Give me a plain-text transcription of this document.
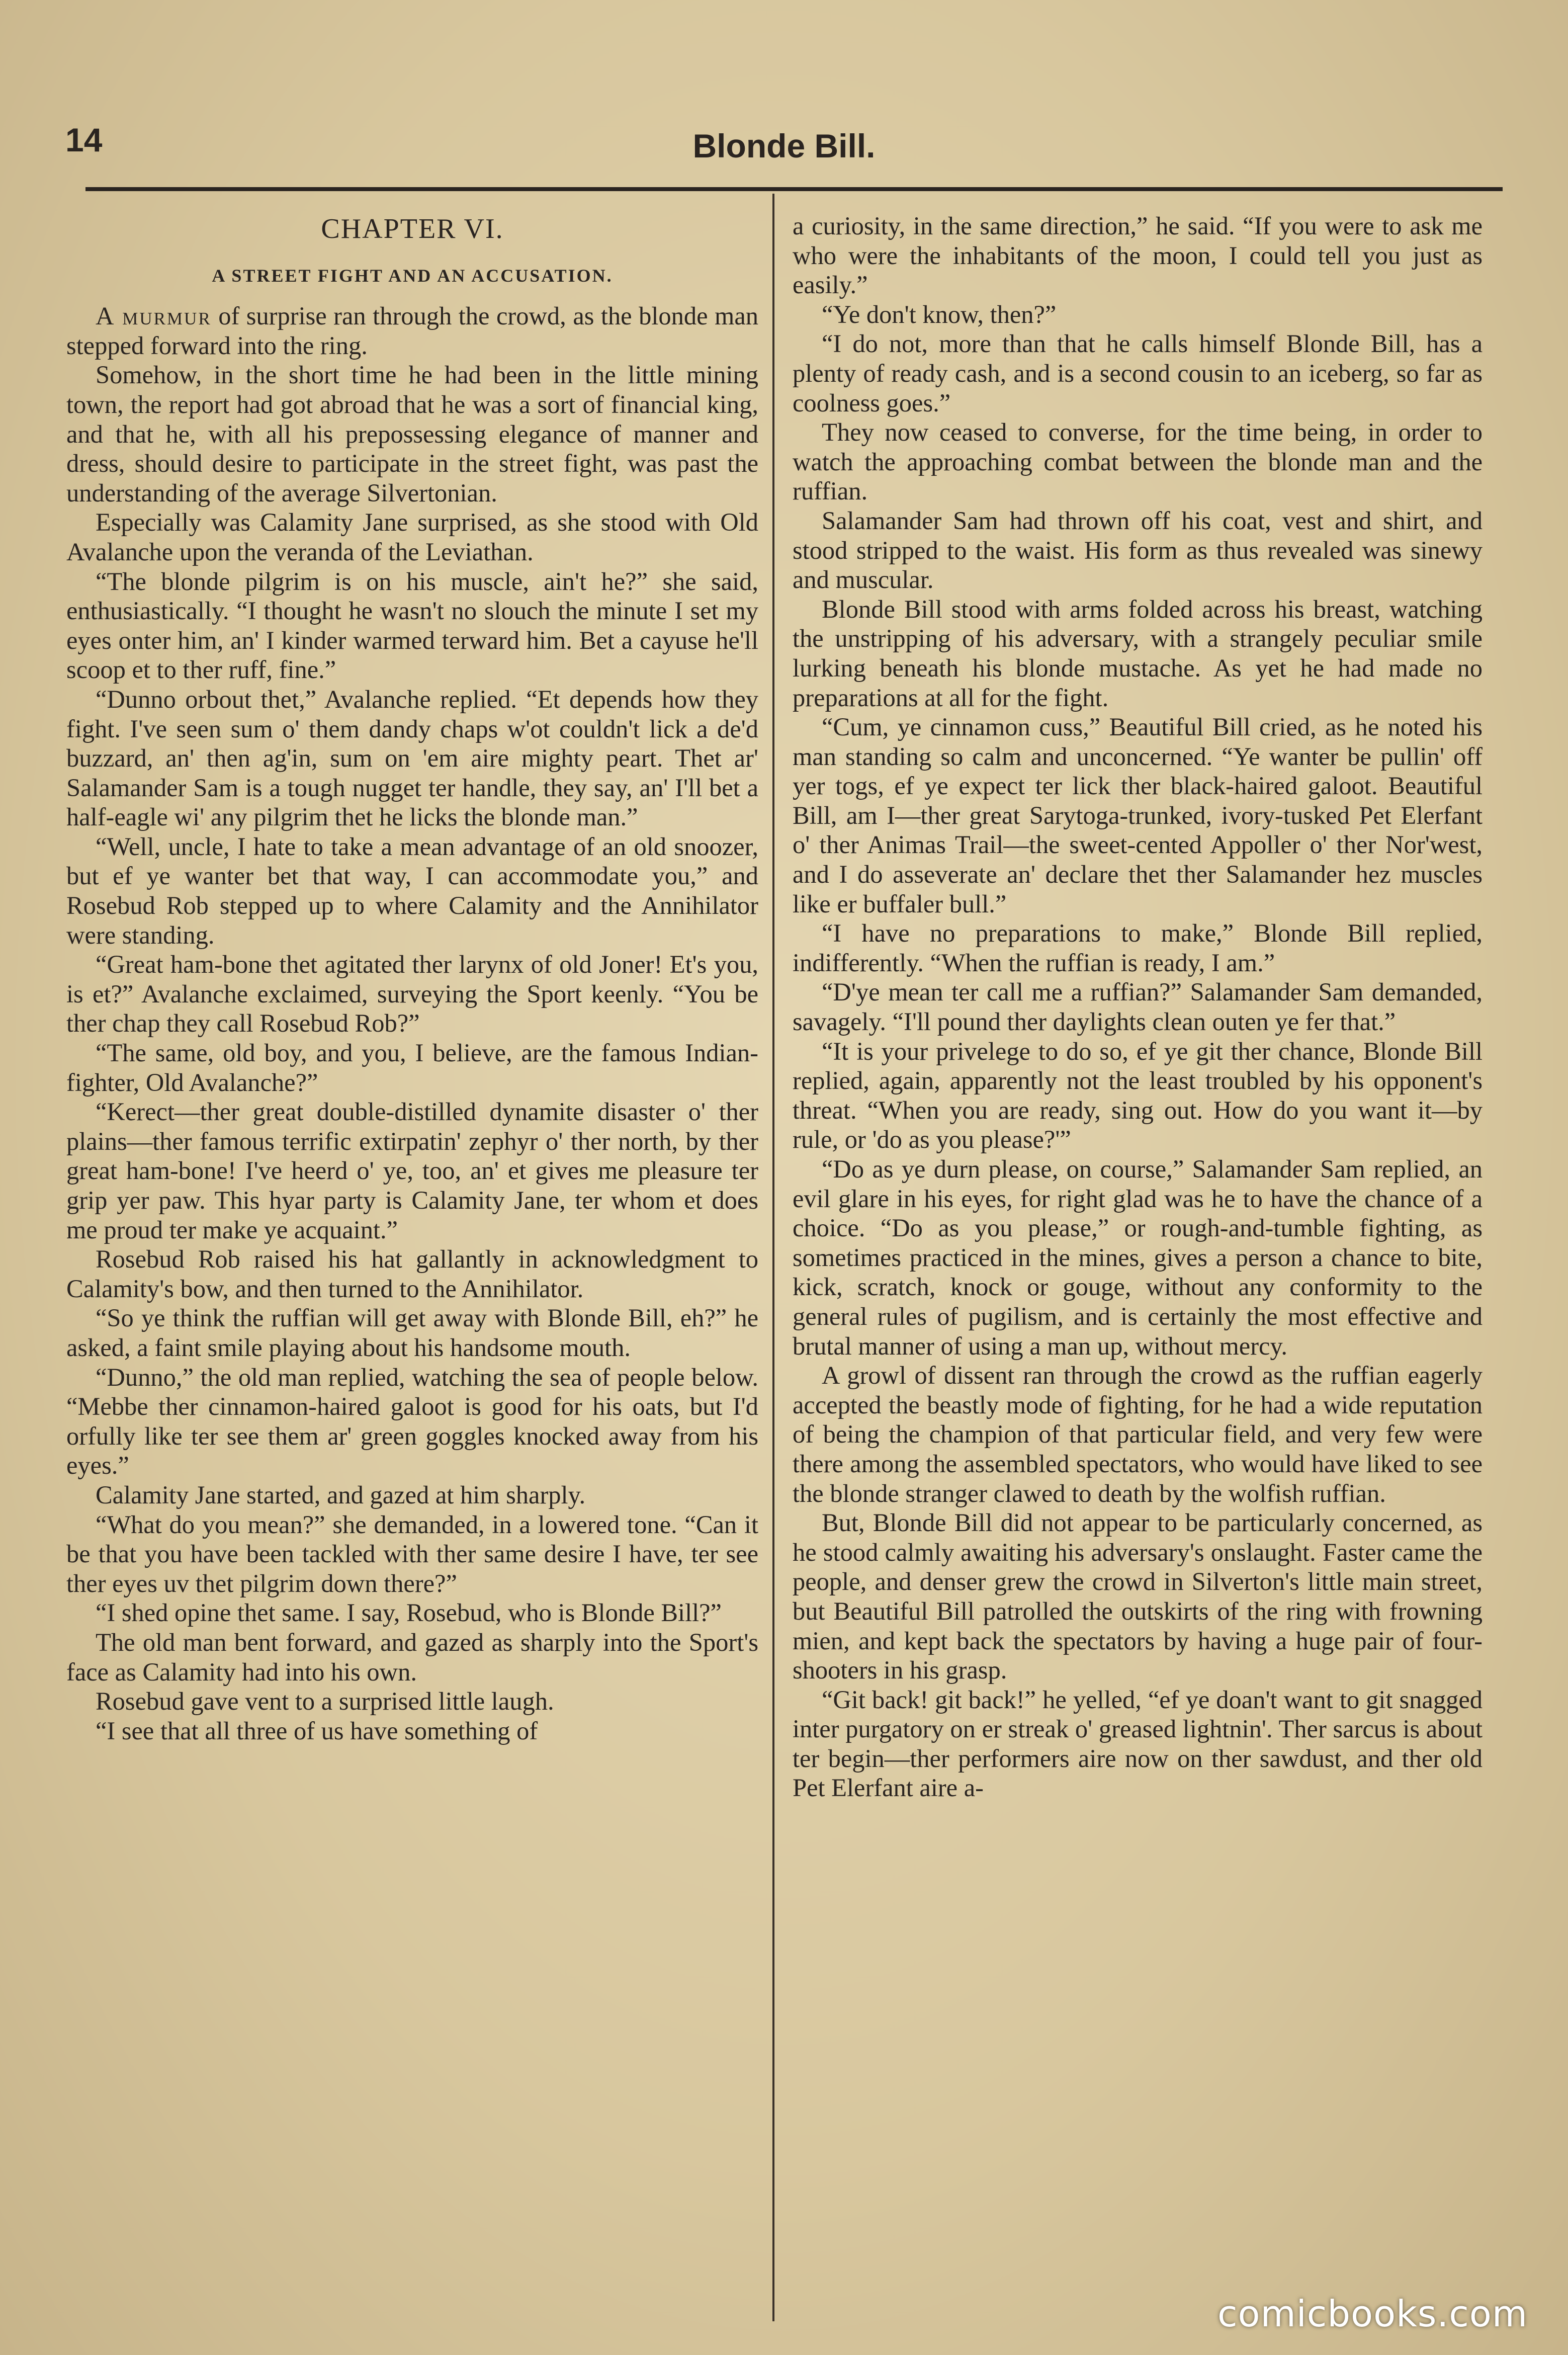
14	Blonde Bill.
CHAPTER VI.
A STREET FIGHT AND AN ACCUSATION.

A murmur of surprise ran through the crowd, as the blonde man stepped forward into the ring.

Somehow, in the short time he had been in the little mining town, the report had got abroad that he was a sort of financial king, and that he, with all his prepossessing elegance of manner and dress, should desire to participate in the street fight, was past the understanding of the average Silvertonian.

Especially was Calamity Jane surprised, as she stood with Old Avalanche upon the veranda of the Leviathan.

“The blonde pilgrim is on his muscle, ain't he?” she said, enthusiastically. “I thought he wasn't no slouch the minute I set my eyes onter him, an' I kinder warmed terward him. Bet a cayuse he'll scoop et to ther ruff, fine.”

“Dunno orbout thet,” Avalanche replied. “Et depends how they fight. I've seen sum o' them dandy chaps w'ot couldn't lick a de'd buzzard, an' then ag'in, sum on 'em aire mighty peart. Thet ar' Salamander Sam is a tough nugget ter handle, they say, an' I'll bet a half-eagle wi' any pilgrim thet he licks the blonde man.”

“Well, uncle, I hate to take a mean advantage of an old snoozer, but ef ye wanter bet that way, I can accommodate you,” and Rosebud Rob stepped up to where Calamity and the Annihilator were standing.

“Great ham-bone thet agitated ther larynx of old Joner! Et's you, is et?” Avalanche exclaimed, surveying the Sport keenly. “You be ther chap they call Rosebud Rob?”

“The same, old boy, and you, I believe, are the famous Indian-fighter, Old Avalanche?”

“Kerect—ther great double-distilled dynamite disaster o' ther plains—ther famous terrific extirpatin' zephyr o' ther north, by ther great ham-bone! I've heerd o' ye, too, an' et gives me pleasure ter grip yer paw. This hyar party is Calamity Jane, ter whom et does me proud ter make ye acquaint.”

Rosebud Rob raised his hat gallantly in acknowledgment to Calamity's bow, and then turned to the Annihilator.

“So ye think the ruffian will get away with Blonde Bill, eh?” he asked, a faint smile playing about his handsome mouth.

“Dunno,” the old man replied, watching the sea of people below. “Mebbe ther cinnamon-haired galoot is good for his oats, but I'd orfully like ter see them ar' green goggles knocked away from his eyes.”

Calamity Jane started, and gazed at him sharply.

“What do you mean?” she demanded, in a lowered tone. “Can it be that you have been tackled with ther same desire I have, ter see ther eyes uv thet pilgrim down there?”

“I shed opine thet same. I say, Rosebud, who is Blonde Bill?”

The old man bent forward, and gazed as sharply into the Sport's face as Calamity had into his own.

Rosebud gave vent to a surprised little laugh.

“I see that all three of us have something of

a curiosity, in the same direction,” he said. “If you were to ask me who were the inhabitants of the moon, I could tell you just as easily.”

“Ye don't know, then?”

“I do not, more than that he calls himself Blonde Bill, has a plenty of ready cash, and is a second cousin to an iceberg, so far as coolness goes.”

They now ceased to converse, for the time being, in order to watch the approaching combat between the blonde man and the ruffian.

Salamander Sam had thrown off his coat, vest and shirt, and stood stripped to the waist. His form as thus revealed was sinewy and muscular.

Blonde Bill stood with arms folded across his breast, watching the unstripping of his adversary, with a strangely peculiar smile lurking beneath his blonde mustache. As yet he had made no preparations at all for the fight.

“Cum, ye cinnamon cuss,” Beautiful Bill cried, as he noted his man standing so calm and unconcerned. “Ye wanter be pullin' off yer togs, ef ye expect ter lick ther black-haired galoot. Beautiful Bill, am I—ther great Sarytoga-trunked, ivory-tusked Pet Elerfant o' ther Animas Trail—the sweet-cented Appoller o' ther Nor'west, and I do asseverate an' declare thet ther Salamander hez muscles like er buffaler bull.”

“I have no preparations to make,” Blonde Bill replied, indifferently. “When the ruffian is ready, I am.”

“D'ye mean ter call me a ruffian?” Salamander Sam demanded, savagely. “I'll pound ther daylights clean outen ye fer that.”

“It is your privelege to do so, ef ye git ther chance, Blonde Bill replied, again, apparently not the least troubled by his opponent's threat. “When you are ready, sing out. How do you want it—by rule, or 'do as you please?'”

“Do as ye durn please, on course,” Salamander Sam replied, an evil glare in his eyes, for right glad was he to have the chance of a choice. “Do as you please,” or rough-and-tumble fighting, as sometimes practiced in the mines, gives a person a chance to bite, kick, scratch, knock or gouge, without any conformity to the general rules of pugilism, and is certainly the most effective and brutal manner of using a man up, without mercy.

A growl of dissent ran through the crowd as the ruffian eagerly accepted the beastly mode of fighting, for he had a wide reputation of being the champion of that particular field, and very few were there among the assembled spectators, who would have liked to see the blonde stranger clawed to death by the wolfish ruffian.

But, Blonde Bill did not appear to be particularly concerned, as he stood calmly awaiting his adversary's onslaught. Faster came the people, and denser grew the crowd in Silverton's little main street, but Beautiful Bill patrolled the outskirts of the ring with frowning mien, and kept back the spectators by having a huge pair of four-shooters in his grasp.

“Git back! git back!” he yelled, “ef ye doan't want to git snagged inter purgatory on er streak o' greased lightnin'. Ther sarcus is about ter begin—ther performers aire now on ther sawdust, and ther old Pet Elerfant aire a-

comicbooks.com
